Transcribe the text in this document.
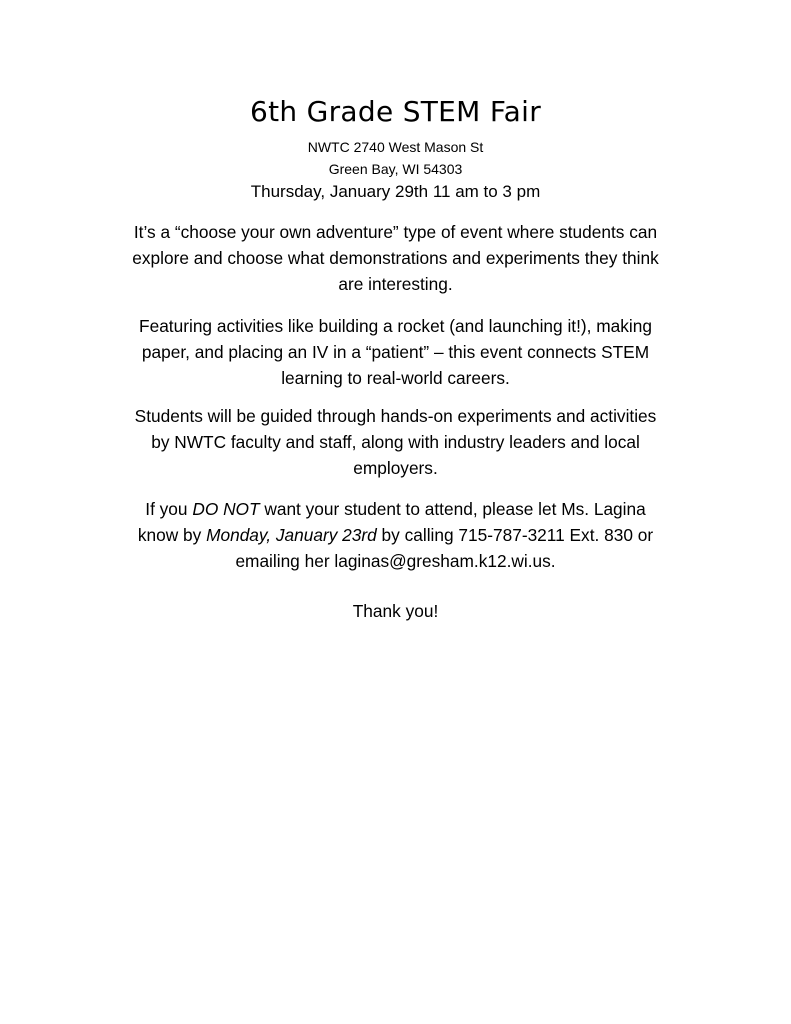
6th Grade STEM Fair
NWTC 2740 West Mason St
Green Bay, WI 54303
Thursday, January 29th 11 am to 3 pm
It’s a “choose your own adventure” type of event where students can
explore and choose what demonstrations and experiments they think
are interesting.
Featuring activities like building a rocket (and launching it!), making
paper, and placing an IV in a “patient” – this event connects STEM
learning to real-world careers.
Students will be guided through hands-on experiments and activities
by NWTC faculty and staff, along with industry leaders and local
employers.
If you DO NOT want your student to attend, please let Ms. Lagina
know by Monday, January 23rd by calling 715-787-3211 Ext. 830 or
emailing her laginas@gresham.k12.wi.us.
Thank you!
